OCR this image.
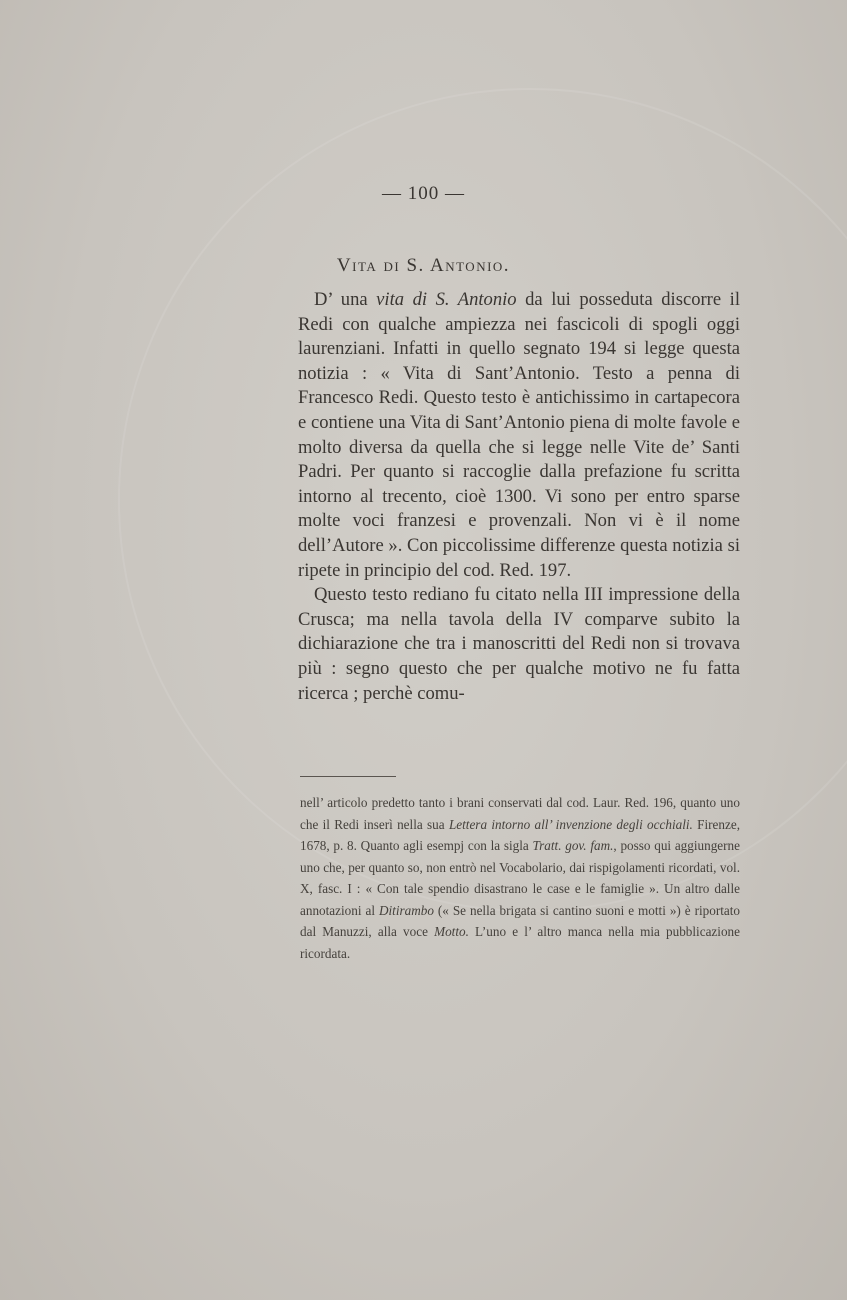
— 100 —
Vita di S. Antonio.

D’ una vita di S. Antonio da lui posseduta discorre il Redi con qualche ampiezza nei fascicoli di spogli oggi laurenziani. Infatti in quello segnato 194 si legge questa notizia : « Vita di Sant’Antonio. Testo a penna di Francesco Redi. Questo testo è antichissimo in cartapecora e contiene una Vita di Sant’Antonio piena di molte favole e molto diversa da quella che si legge nelle Vite de’ Santi Padri. Per quanto si raccoglie dalla prefazione fu scritta intorno al trecento, cioè 1300. Vi sono per entro sparse molte voci franzesi e provenzali. Non vi è il nome dell’Autore ». Con piccolissime differenze questa notizia si ripete in principio del cod. Red. 197.

Questo testo rediano fu citato nella III impressione della Crusca; ma nella tavola della IV comparve subito la dichiarazione che tra i manoscritti del Redi non si trovava più : segno questo che per qualche motivo ne fu fatta ricerca ; perchè comu-

nell’ articolo predetto tanto i brani conservati dal cod. Laur. Red. 196, quanto uno che il Redi inserì nella sua Lettera intorno all’ invenzione degli occhiali. Firenze, 1678, p. 8. Quanto agli esempj con la sigla Tratt. gov. fam., posso qui aggiungerne uno che, per quanto so, non entrò nel Vocabolario, dai rispigolamenti ricordati, vol. X, fasc. I : « Con tale spendio disastrano le case e le famiglie ». Un altro dalle annotazioni al Ditirambo (« Se nella brigata si cantino suoni e motti ») è riportato dal Manuzzi, alla voce Motto. L’uno e l’ altro manca nella mia pubblicazione ricordata.
